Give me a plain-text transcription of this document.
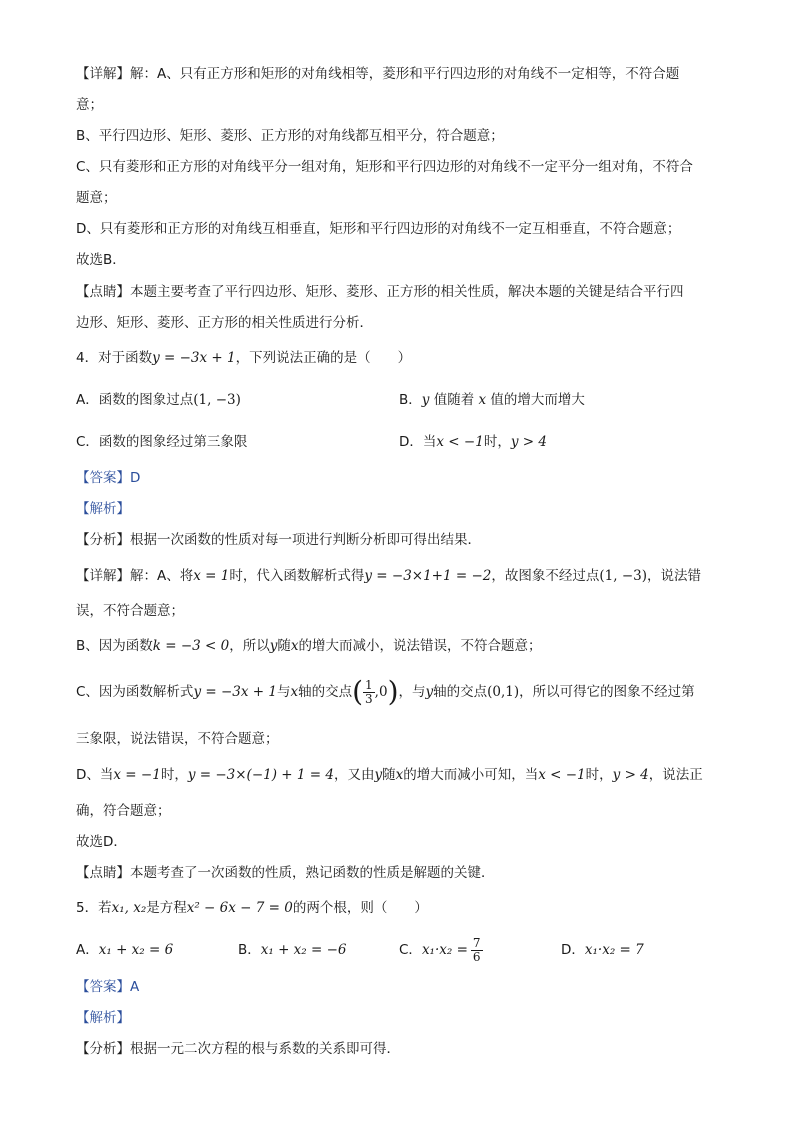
【详解】解：A、只有正方形和矩形的对角线相等，菱形和平行四边形的对角线不一定相等，不符合题
意；
B、平行四边形、矩形、菱形、正方形的对角线都互相平分，符合题意；
C、只有菱形和正方形的对角线平分一组对角，矩形和平行四边形的对角线不一定平分一组对角，不符合
题意；
D、只有菱形和正方形的对角线互相垂直，矩形和平行四边形的对角线不一定互相垂直，不符合题意；
故选B．
【点睛】本题主要考查了平行四边形、矩形、菱形、正方形的相关性质，解决本题的关键是结合平行四
边形、矩形、菱形、正方形的相关性质进行分析．
4．对于函数y = −3x + 1，下列说法正确的是（　　）
A．函数的图象过点(1, −3)	B．y 值随着 x 值的增大而增大
C．函数的图象经过第三象限	D．当x < −1时，y > 4
【答案】D
【解析】
【分析】根据一次函数的性质对每一项进行判断分析即可得出结果．
【详解】解：A、将x = 1时，代入函数解析式得y = −3×1+1 = −2，故图象不经过点(1, −3)，说法错
误，不符合题意；
B、因为函数k = −3 < 0，所以y随x的增大而减小，说法错误，不符合题意；
C、因为函数解析式y = −3x + 1与x轴的交点( $\frac{1}{3} ,0$)，与y轴的交点(0,1)，所以可得它的图象不经过第
三象限，说法错误，不符合题意；
D、当x = −1时，y = −3×(−1) + 1 = 4，又由y随x的增大而减小可知，当x < −1时，y > 4，说法正
确，符合题意；
故选D．
【点睛】本题考查了一次函数的性质，熟记函数的性质是解题的关键．
5．若x₁, x₂是方程x² − 6x − 7 = 0的两个根，则（　　）
A．x₁ + x₂ = 6	B．x₁ + x₂ = −6	C．$x_1\cdot x_2 = \frac{7}{6}$	D．x₁·x₂ = 7
【答案】A
【解析】
【分析】根据一元二次方程的根与系数的关系即可得．
